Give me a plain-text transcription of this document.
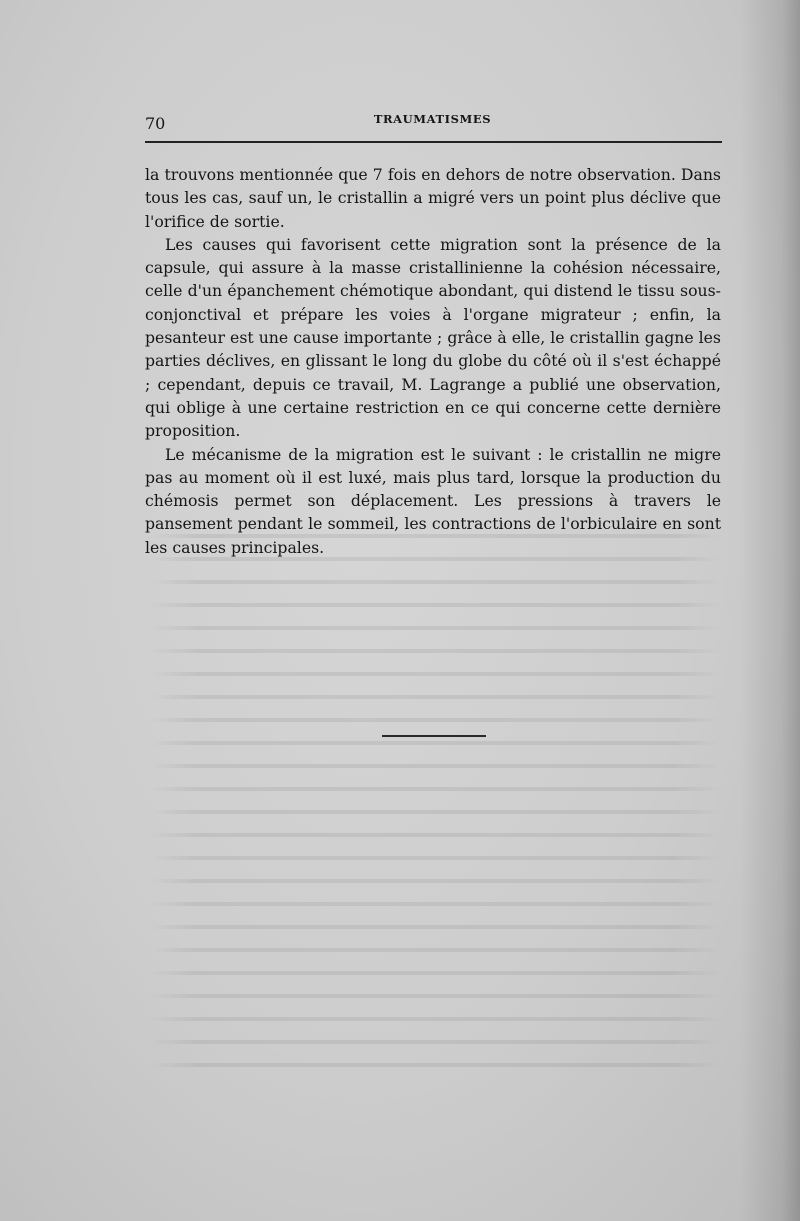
70	TRAUMATISMES

la trouvons mentionnée que 7 fois en dehors de notre observation. Dans tous les cas, sauf un, le cristallin a migré vers un point plus déclive que l'orifice de sortie.

Les causes qui favorisent cette migration sont la présence de la capsule, qui assure à la masse cristallinienne la cohésion nécessaire, celle d'un épanchement chémotique abondant, qui distend le tissu sous-conjonctival et prépare les voies à l'organe migrateur ; enfin, la pesanteur est une cause importante ; grâce à elle, le cristallin gagne les parties déclives, en glissant le long du globe du côté où il s'est échappé ; cependant, depuis ce travail, M. Lagrange a publié une observation, qui oblige à une certaine restriction en ce qui concerne cette dernière proposition.

Le mécanisme de la migration est le suivant : le cristallin ne migre pas au moment où il est luxé, mais plus tard, lorsque la production du chémosis permet son déplacement. Les pressions à travers le pansement pendant le sommeil, les contractions de l'orbiculaire en sont les causes principales.
